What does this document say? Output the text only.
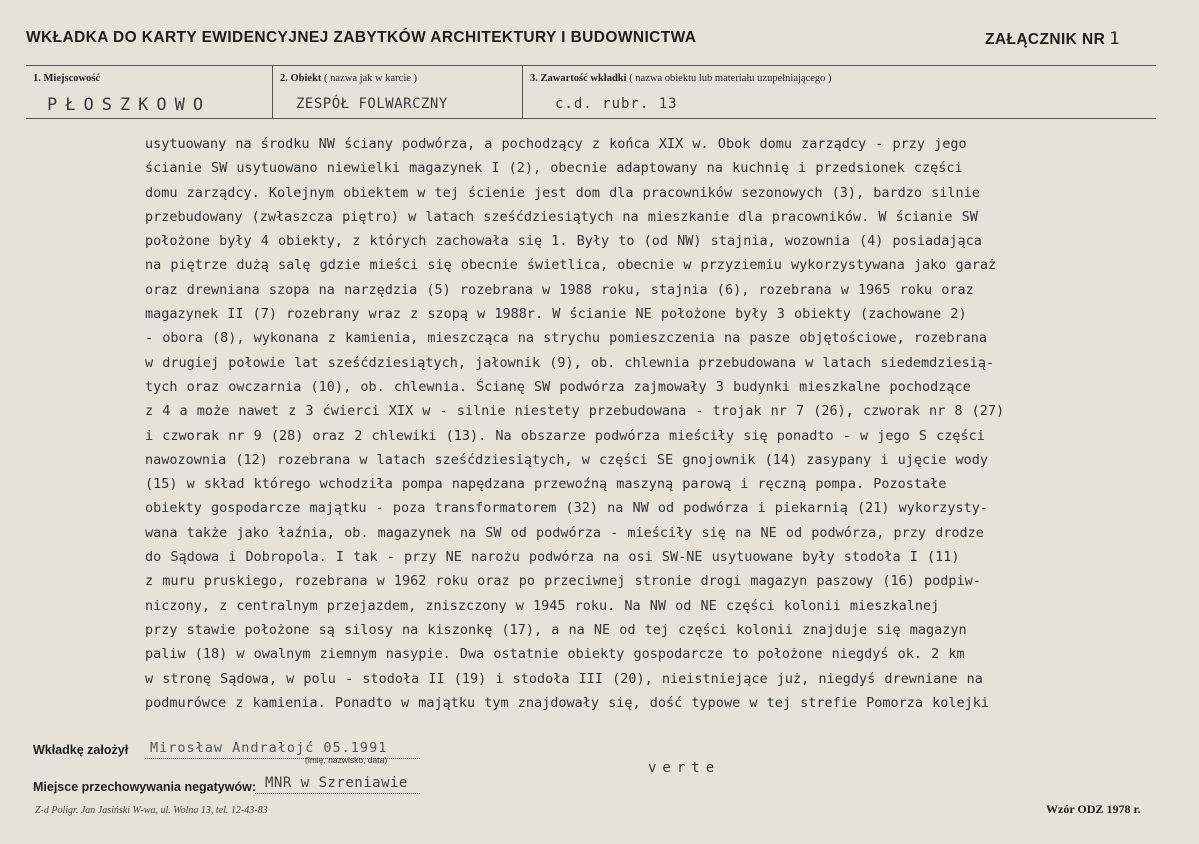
WKŁADKA DO KARTY EWIDENCYJNEJ ZABYTKÓW ARCHITEKTURY I BUDOWNICTWA	ZAŁĄCZNIK NR 1
1. Miejscowość	2. Obiekt ( nazwa jak w karcie )	3. Zawartość wkładki ( nazwa obiektu lub materiału uzupełniającego )
PŁOSZKOWO	ZESPÓŁ FOLWARCZNY	c.d. rubr. 13
usytuowany na środku NW ściany podwórza, a pochodzący z końca XIX w. Obok domu zarządcy - przy jego
ścianie SW usytuowano niewielki magazynek I (2), obecnie adaptowany na kuchnię i przedsionek części
domu zarządcy. Kolejnym obiektem w tej ścienie jest dom dla pracowników sezonowych (3), bardzo silnie
przebudowany (zwłaszcza piętro) w latach sześćdziesiątych na mieszkanie dla pracowników. W ścianie SW
położone były 4 obiekty, z których zachowała się 1. Były to (od NW) stajnia, wozownia (4) posiadająca
na piętrze dużą salę gdzie mieści się obecnie świetlica, obecnie w przyziemiu wykorzystywana jako garaż
oraz drewniana szopa na narzędzia (5) rozebrana w 1988 roku, stajnia (6), rozebrana w 1965 roku oraz
magazynek II (7) rozebrany wraz z szopą w 1988r. W ścianie NE położone były 3 obiekty (zachowane 2)
- obora (8), wykonana z kamienia, mieszcząca na strychu pomieszczenia na pasze objętościowe, rozebrana
w drugiej połowie lat sześćdziesiątych, jałownik (9), ob. chlewnia przebudowana w latach siedemdziesią-
tych oraz owczarnia (10), ob. chlewnia. Ścianę SW podwórza zajmowały 3 budynki mieszkalne pochodzące
z 4 a może nawet z 3 ćwierci XIX w - silnie niestety przebudowana - trojak nr 7 (26), czworak nr 8 (27)
i czworak nr 9 (28) oraz 2 chlewiki (13). Na obszarze podwórza mieściły się ponadto - w jego S części
nawozownia (12) rozebrana w latach sześćdziesiątych, w części SE gnojownik (14) zasypany i ujęcie wody
(15) w skład którego wchodziła pompa napędzana przewoźną maszyną parową i ręczną pompa. Pozostałe
obiekty gospodarcze majątku - poza transformatorem (32) na NW od podwórza i piekarnią (21) wykorzysty-
wana także jako łaźnia, ob. magazynek na SW od podwórza - mieściły się na NE od podwórza, przy drodze
do Sądowa i Dobropola. I tak - przy NE narożu podwórza na osi SW-NE usytuowane były stodoła I (11)
z muru pruskiego, rozebrana w 1962 roku oraz po przeciwnej stronie drogi magazyn paszowy (16) podpiw-
niczony, z centralnym przejazdem, zniszczony w 1945 roku. Na NW od NE części kolonii mieszkalnej
przy stawie położone są silosy na kiszonkę (17), a na NE od tej części kolonii znajduje się magazyn
paliw (18) w owalnym ziemnym nasypie. Dwa ostatnie obiekty gospodarcze to położone niegdyś ok. 2 km
w stronę Sądowa, w polu - stodoła II (19) i stodoła III (20), nieistniejące już, niegdyś drewniane na
podmurówce z kamienia. Ponadto w majątku tym znajdowały się, dość typowe w tej strefie Pomorza kolejki
Wkładkę założył Mirosław Andrałojć 05.1991
(imię, nazwisko, data)	verte
Miejsce przechowywania negatywów: MNR w Szreniawie
Z-d Poligr. Jan Jasiński W-wa, ul. Wolna 13, tel. 12-43-83	Wzór ODZ 1978 r.
